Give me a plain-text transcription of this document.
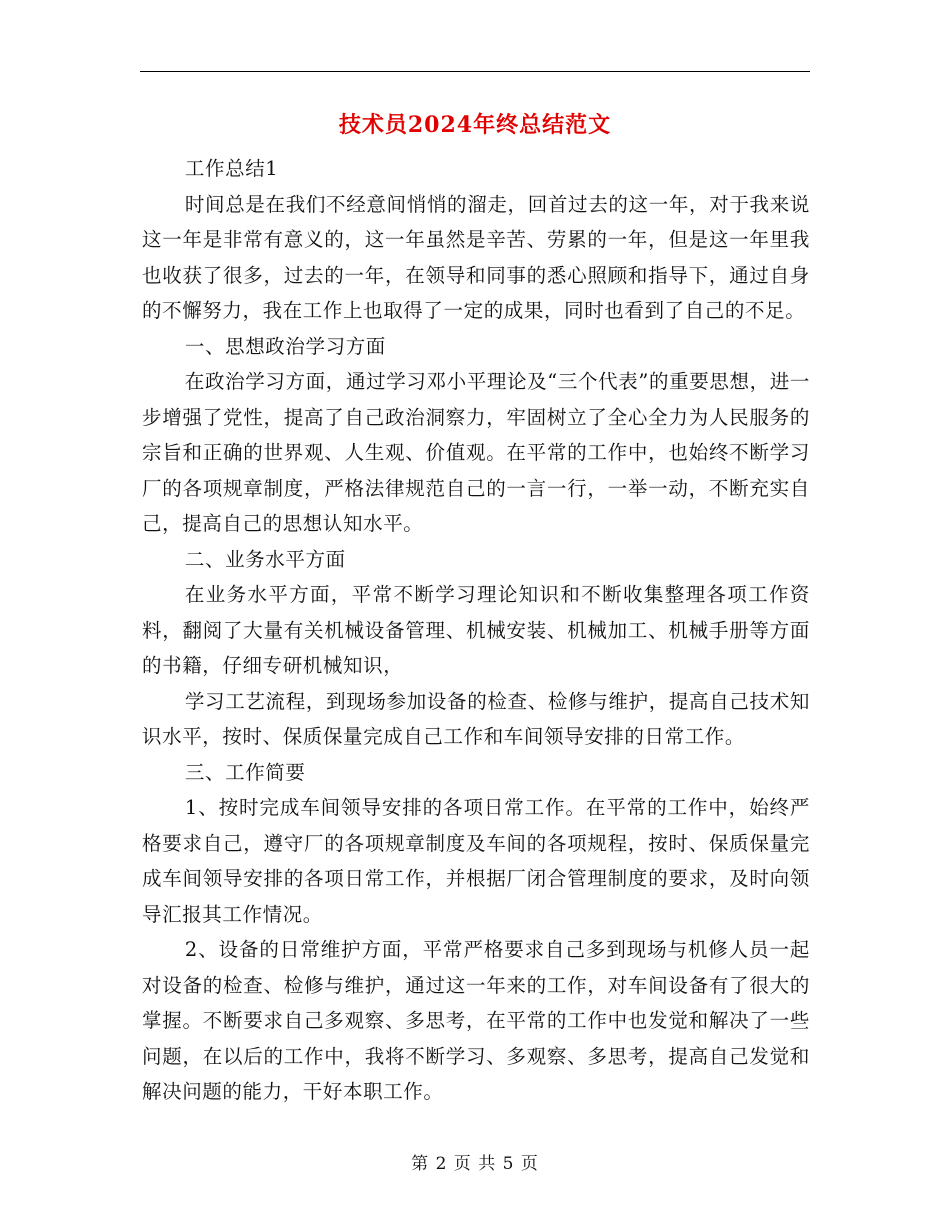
技术员2024年终总结范文

工作总结1

时间总是在我们不经意间悄悄的溜走，回首过去的这一年，对于我来说这一年是非常有意义的，这一年虽然是辛苦、劳累的一年，但是这一年里我也收获了很多，过去的一年，在领导和同事的悉心照顾和指导下，通过自身的不懈努力，我在工作上也取得了一定的成果，同时也看到了自己的不足。

一、思想政治学习方面

在政治学习方面，通过学习邓小平理论及“三个代表”的重要思想，进一步增强了党性，提高了自己政治洞察力，牢固树立了全心全力为人民服务的宗旨和正确的世界观、人生观、价值观。在平常的工作中，也始终不断学习厂的各项规章制度，严格法律规范自己的一言一行，一举一动，不断充实自己，提高自己的思想认知水平。

二、业务水平方面

在业务水平方面，平常不断学习理论知识和不断收集整理各项工作资料，翻阅了大量有关机械设备管理、机械安装、机械加工、机械手册等方面的书籍，仔细专研机械知识，

学习工艺流程，到现场参加设备的检查、检修与维护，提高自己技术知识水平，按时、保质保量完成自己工作和车间领导安排的日常工作。

三、工作简要

1、按时完成车间领导安排的各项日常工作。在平常的工作中，始终严格要求自己，遵守厂的各项规章制度及车间的各项规程，按时、保质保量完成车间领导安排的各项日常工作，并根据厂闭合管理制度的要求，及时向领导汇报其工作情况。

2、设备的日常维护方面，平常严格要求自己多到现场与机修人员一起对设备的检查、检修与维护，通过这一年来的工作，对车间设备有了很大的掌握。不断要求自己多观察、多思考，在平常的工作中也发觉和解决了一些问题，在以后的工作中，我将不断学习、多观察、多思考，提高自己发觉和解决问题的能力，干好本职工作。

第 2 页 共 5 页
